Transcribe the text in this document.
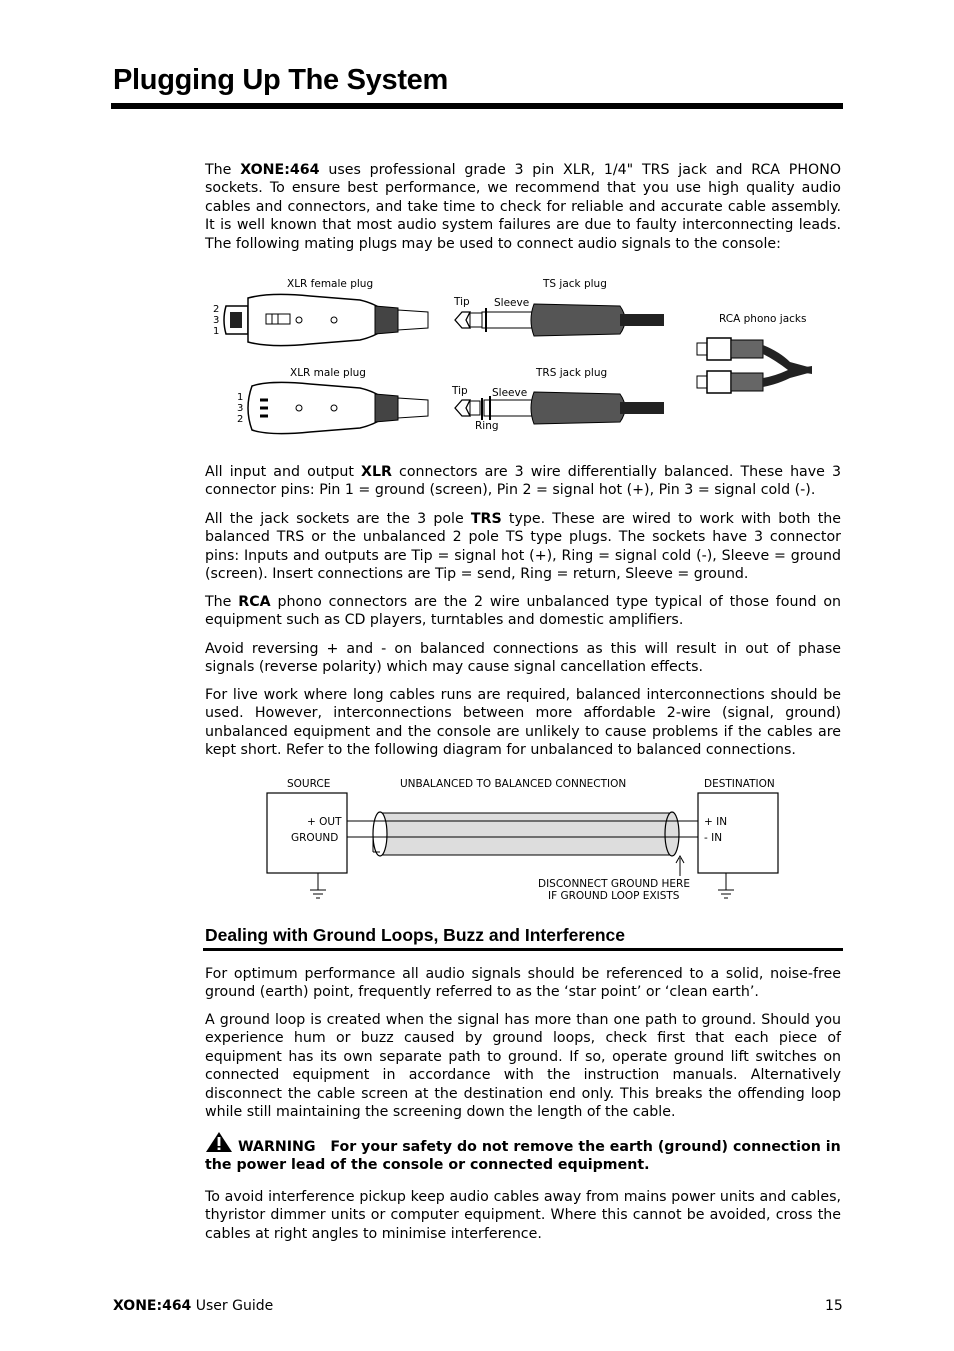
Plugging Up The System
The XONE:464 uses professional grade 3 pin XLR, 1/4" TRS jack and RCA PHONO sockets. To ensure best performance, we recommend that you use high quality audio cables and connectors, and take time to check for reliable and accurate cable assembly. It is well known that most audio system failures are due to faulty interconnecting leads. The following mating plugs may be used to connect audio signals to the console:
XLR female plug
2
3
1
XLR male plug
1
3
2
TS jack plug
Tip Sleeve
TRS jack plug
Tip Sleeve
Ring
RCA phono jacks
All input and output XLR connectors are 3 wire differentially balanced. These have 3 connector pins: Pin 1 = ground (screen), Pin 2 = signal hot (+), Pin 3 = signal cold (-).
All the jack sockets are the 3 pole TRS type. These are wired to work with both the balanced TRS or the unbalanced 2 pole TS type plugs. The sockets have 3 connector pins: Inputs and outputs are Tip = signal hot (+), Ring = signal cold (-), Sleeve = ground (screen). Insert connections are Tip = send, Ring = return, Sleeve = ground.
The RCA phono connectors are the 2 wire unbalanced type typical of those found on equipment such as CD players, turntables and domestic amplifiers.
Avoid reversing + and - on balanced connections as this will result in out of phase signals (reverse polarity) which may cause signal cancellation effects.
For live work where long cables runs are required, balanced interconnections should be used. However, interconnections between more affordable 2-wire (signal, ground) unbalanced equipment and the console are unlikely to cause problems if the cables are kept short. Refer to the following diagram for unbalanced to balanced connections.
SOURCE	UNBALANCED TO BALANCED CONNECTION	DESTINATION
+ OUT
GROUND
+ IN
- IN
DISCONNECT GROUND HERE
IF GROUND LOOP EXISTS
Dealing with Ground Loops, Buzz and Interference
For optimum performance all audio signals should be referenced to a solid, noise-free ground (earth) point, frequently referred to as the ‘star point’ or ‘clean earth’.
A ground loop is created when the signal has more than one path to ground. Should you experience hum or buzz caused by ground loops, check first that each piece of equipment has its own separate path to ground. If so, operate ground lift switches on connected equipment in accordance with the instruction manuals. Alternatively disconnect the cable screen at the destination end only. This breaks the offending loop while still maintaining the screening down the length of the cable.
WARNING For your safety do not remove the earth (ground) connection in the power lead of the console or connected equipment.
To avoid interference pickup keep audio cables away from mains power units and cables, thyristor dimmer units or computer equipment. Where this cannot be avoided, cross the cables at right angles to minimise interference.
XONE:464 User Guide	15
